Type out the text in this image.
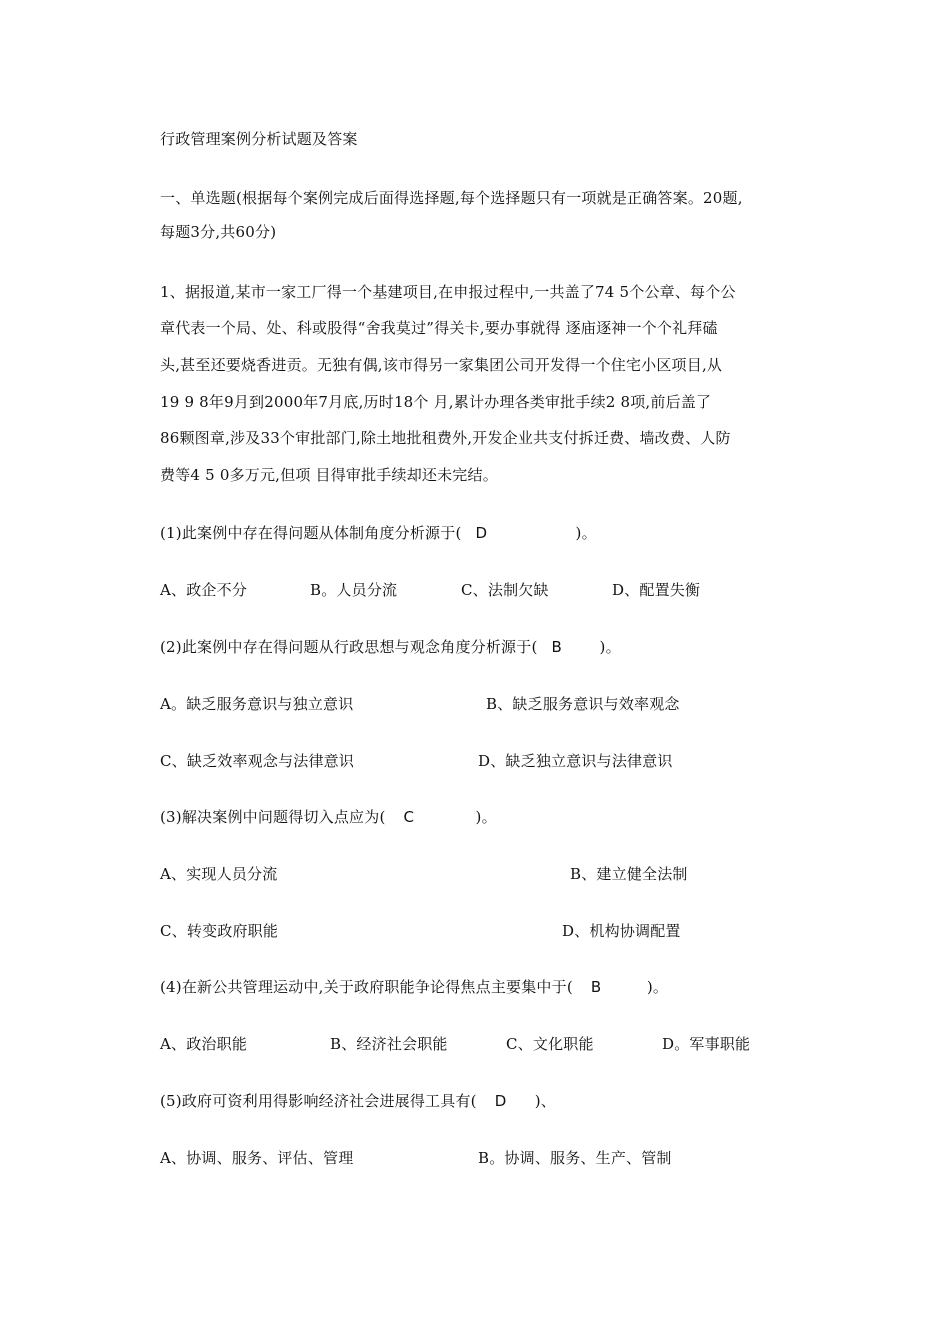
行政管理案例分析试题及答案
一、单选题(根据每个案例完成后面得选择题,每个选择题只有一项就是正确答案。20题,
每题3分,共60分)
1、据报道,某市一家工厂得一个基建项目,在申报过程中,一共盖了74 5个公章、每个公
章代表一个局、处、科或股得“舍我莫过”得关卡,要办事就得 逐庙逐神一个个礼拜磕
头,甚至还要烧香进贡。无独有偶,该市得另一家集团公司开发得一个住宅小区项目,从
19 9 8年9月到2000年7月底,历时18个 月,累计办理各类审批手续2 8项,前后盖了
86颗图章,涉及33个审批部门,除土地批租费外,开发企业共支付拆迁费、墙改费、人防
费等4 5 0多万元,但项 目得审批手续却还未完结。
(1)此案例中存在得问题从体制角度分析源于( D	)。
A、政企不分	B。人员分流	C、法制欠缺	D、配置失衡
(2)此案例中存在得问题从行政思想与观念角度分析源于( B	)。
A。缺乏服务意识与独立意识	B、缺乏服务意识与效率观念
C、缺乏效率观念与法律意识	D、缺乏独立意识与法律意识
(3)解决案例中问题得切入点应为( C	)。
A、实现人员分流	B、建立健全法制
C、转变政府职能	D、机构协调配置
(4)在新公共管理运动中,关于政府职能争论得焦点主要集中于( B	)。
A、政治职能	B、经济社会职能	C、文化职能	D。军事职能
(5)政府可资利用得影响经济社会进展得工具有( D )、
A、协调、服务、评估、管理	B。协调、服务、生产、管制
